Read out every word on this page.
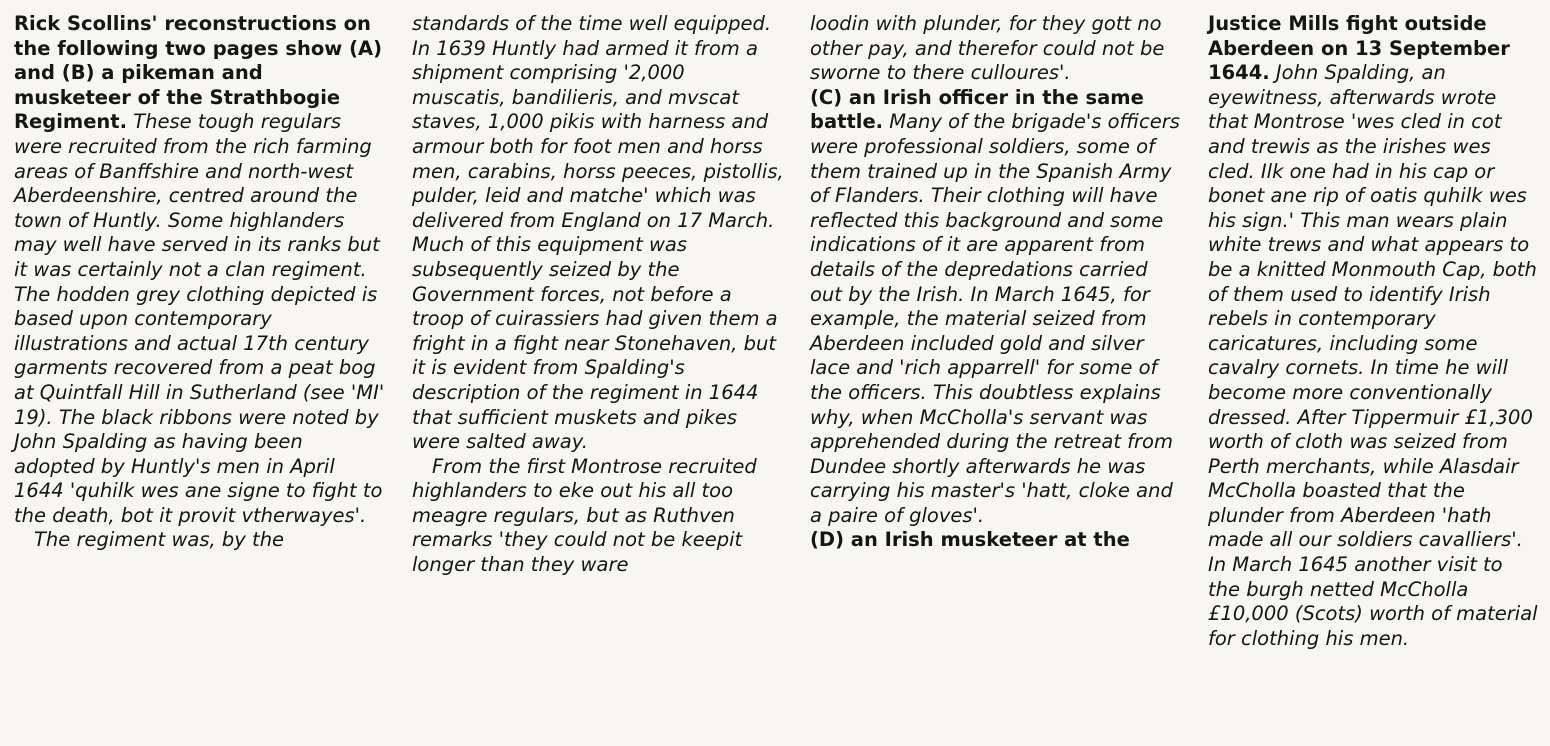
Rick Scollins' reconstructions on the following two pages show (A) and (B) a pikeman and musketeer of the Strathbogie Regiment. These tough regulars were recruited from the rich farming areas of Banffshire and north-west Aberdeenshire, centred around the town of Huntly. Some highlanders may well have served in its ranks but it was certainly not a clan regiment. The hodden grey clothing depicted is based upon contemporary illustrations and actual 17th century garments recovered from a peat bog at Quintfall Hill in Sutherland (see 'MI' 19). The black ribbons were noted by John Spalding as having been adopted by Huntly's men in April 1644 'quhilk wes ane signe to fight to the death, bot it provit vtherwayes'.

The regiment was, by the

standards of the time well equipped. In 1639 Huntly had armed it from a shipment comprising '2,000 muscatis, bandilieris, and mvscat staves, 1,000 pikis with harness and armour both for foot men and horss men, carabins, horss peeces, pistollis, pulder, leid and matche' which was delivered from England on 17 March. Much of this equipment was subsequently seized by the Government forces, not before a troop of cuirassiers had given them a fright in a fight near Stonehaven, but it is evident from Spalding's description of the regiment in 1644 that sufficient muskets and pikes were salted away.

From the first Montrose recruited highlanders to eke out his all too meagre regulars, but as Ruthven remarks 'they could not be keepit longer than they ware

loodin with plunder, for they gott no other pay, and therefor could not be sworne to there culloures'.

(C) an Irish officer in the same battle. Many of the brigade's officers were professional soldiers, some of them trained up in the Spanish Army of Flanders. Their clothing will have reflected this background and some indications of it are apparent from details of the depredations carried out by the Irish. In March 1645, for example, the material seized from Aberdeen included gold and silver lace and 'rich apparrell' for some of the officers. This doubtless explains why, when McCholla's servant was apprehended during the retreat from Dundee shortly afterwards he was carrying his master's 'hatt, cloke and a paire of gloves'.

(D) an Irish musketeer at the

Justice Mills fight outside Aberdeen on 13 September 1644. John Spalding, an eyewitness, afterwards wrote that Montrose 'wes cled in cot and trewis as the irishes wes cled. Ilk one had in his cap or bonet ane rip of oatis quhilk wes his sign.' This man wears plain white trews and what appears to be a knitted Monmouth Cap, both of them used to identify Irish rebels in contemporary caricatures, including some cavalry cornets. In time he will become more conventionally dressed. After Tippermuir £1,300 worth of cloth was seized from Perth merchants, while Alasdair McCholla boasted that the plunder from Aberdeen 'hath made all our soldiers cavalliers'. In March 1645 another visit to the burgh netted McCholla £10,000 (Scots) worth of material for clothing his men.
